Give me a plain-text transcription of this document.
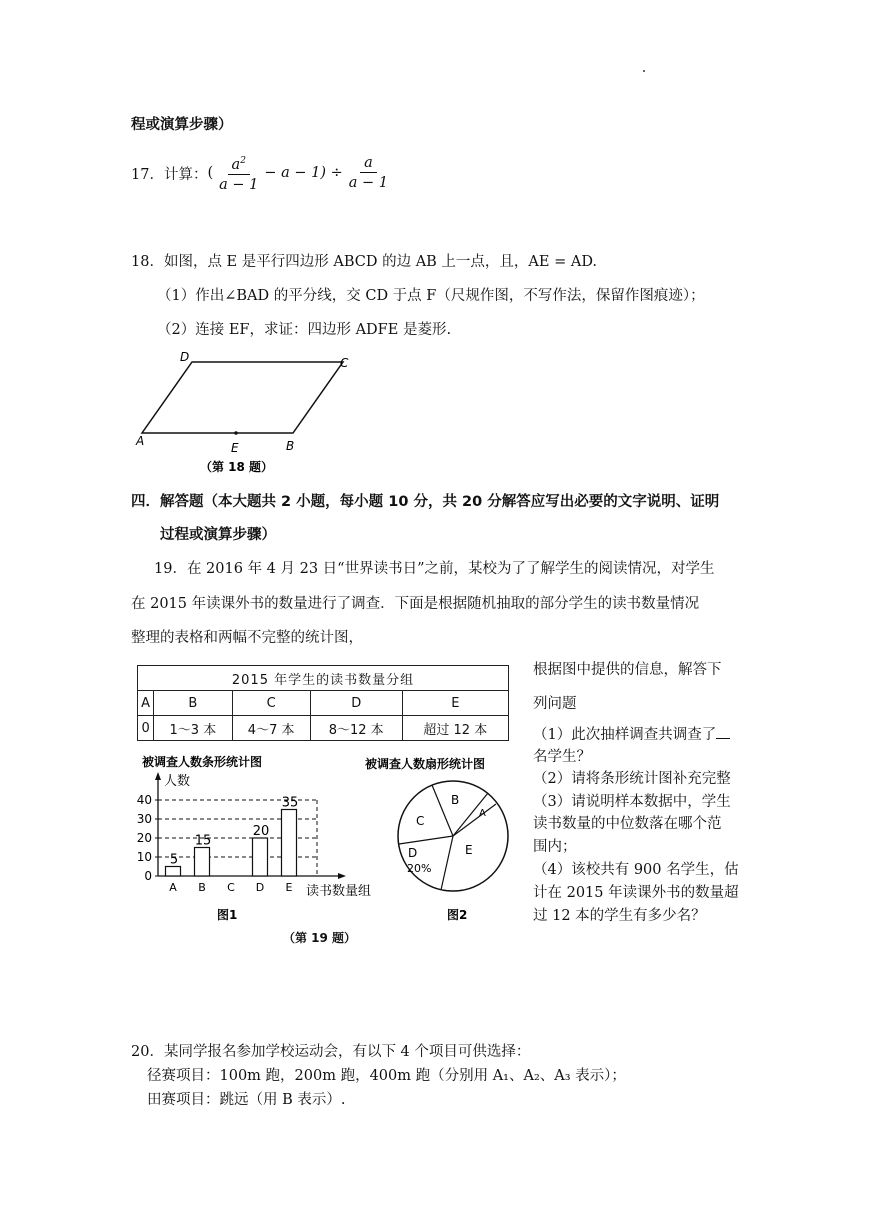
程或演算步骤）
17．计算： ( $\frac{a^2}{a - 1} - a - 1) \div \frac{a}{a - 1}$
18．如图，点 E 是平行四边形 ABCD 的边 AB 上一点，且，AE = AD.
（1）作出∠BAD 的平分线，交 CD 于点 F（尺规作图，不写作法，保留作图痕迹）；
（2）连接 EF，求证：四边形 ADFE 是菱形.
D	C
A	E	B
（第 18 题）
四．解答题（本大题共 2 小题，每小题 10 分，共 20 分解答应写出必要的文字说明、证明
过程或演算步骤）
19．在 2016 年 4 月 23 日“世界读书日”之前，某校为了了解学生的阅读情况，对学生
在 2015 年读课外书的数量进行了调查．下面是根据随机抽取的部分学生的读书数量情况
整理的表格和两幅不完整的统计图，
2015 年学生的读书数量分组				
A	B	C	D	E
0	1～3 本	4～7 本	8～12 本	超过 12 本
被调查人数条形统计图
人数
0
10
20
30
40
5
A
15
B C
20
D
35
E 读书数量组
图1
被调查人数扇形统计图
B
A
E
D
C
20%
图2
（第 19 题）
根据图中提供的信息，解答下
列问题
（1）此次抽样调查共调查了
名学生？
（2）请将条形统计图补充完整
（3）请说明样本数据中，学生
读书数量的中位数落在哪个范
围内；
（4）该校共有 900 名学生，估
计在 2015 年读课外书的数量超
过 12 本的学生有多少名？
20．某同学报名参加学校运动会，有以下 4 个项目可供选择：
径赛项目：100m 跑，200m 跑，400m 跑（分别用 A₁、A₂、A₃ 表示）；
田赛项目：跳远（用 B 表示）.
